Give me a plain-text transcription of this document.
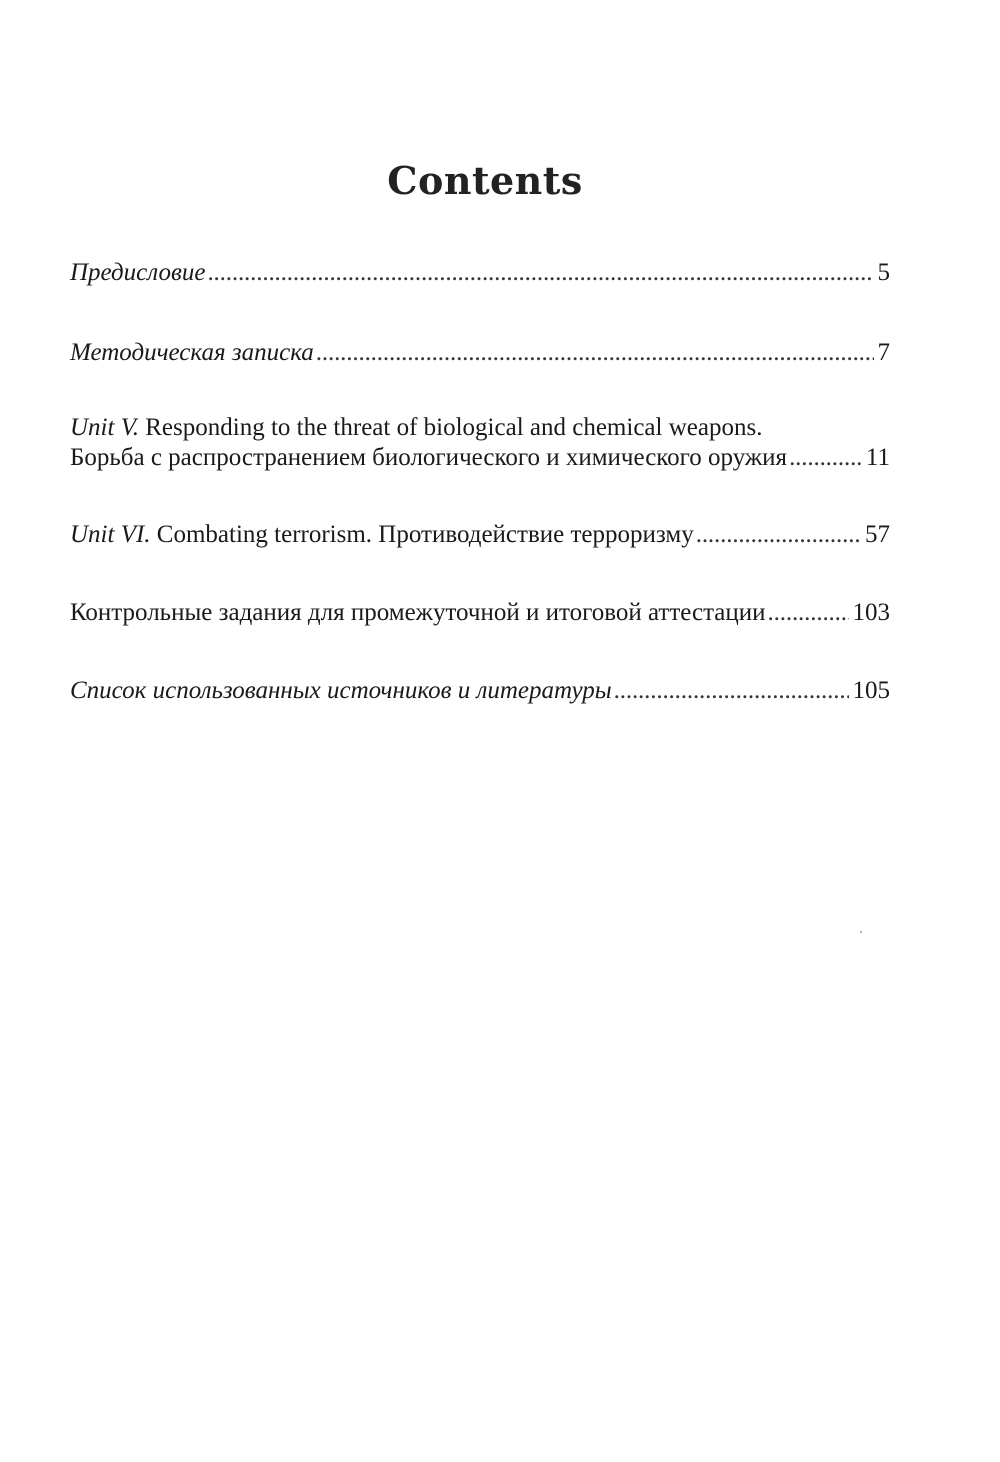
Contents
Предисловие . . .	5
Методическая записка . . .	7
Unit V. Responding to the threat of biological and chemical weapons.
Борьба с распространением биологического и химического оружия . . .	11
Unit VI. Combating terrorism. Противодействие терроризму . . .	57
Контрольные задания для промежуточной и итоговой аттестации . . .	103
Список использованных источников и литературы . . .	105
